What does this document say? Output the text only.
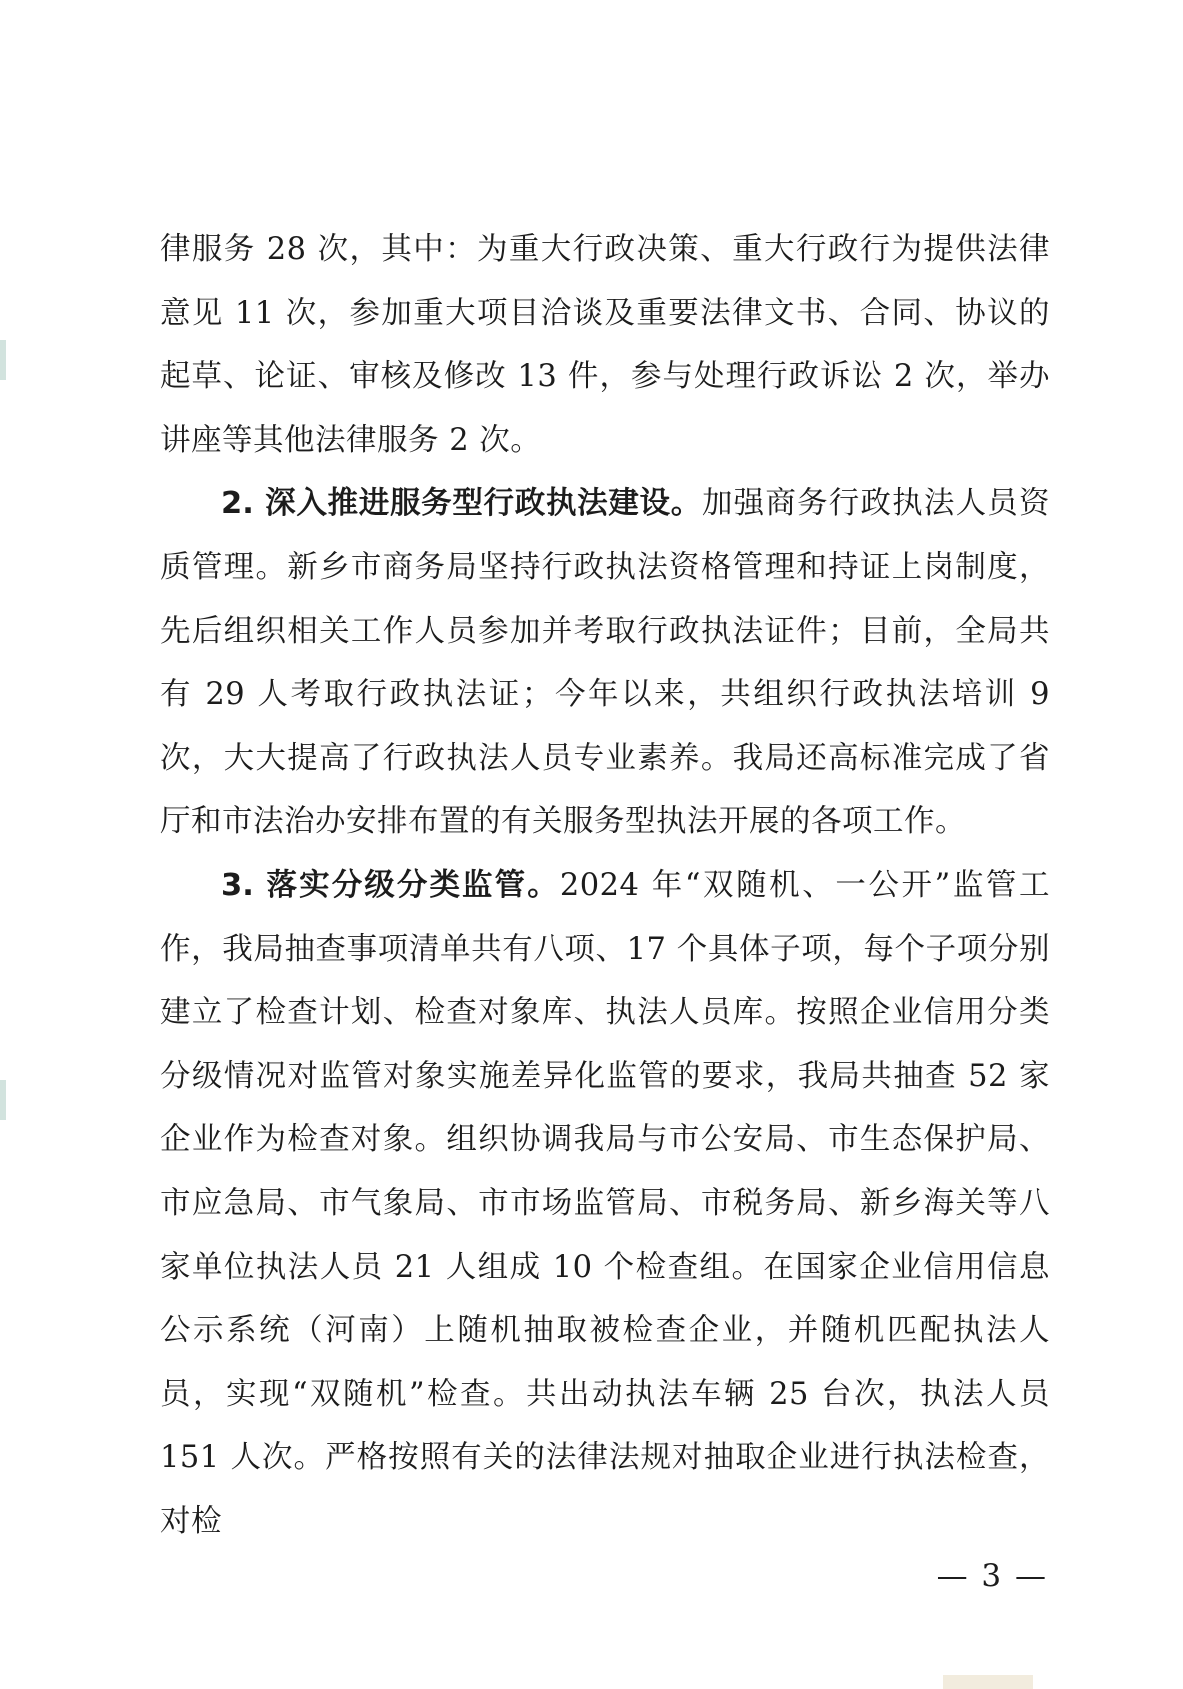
律服务 28 次，其中：为重大行政决策、重大行政行为提供法律意见 11 次，参加重大项目洽谈及重要法律文书、合同、协议的起草、论证、审核及修改 13 件，参与处理行政诉讼 2 次，举办讲座等其他法律服务 2 次。

2. 深入推进服务型行政执法建设。加强商务行政执法人员资质管理。新乡市商务局坚持行政执法资格管理和持证上岗制度，先后组织相关工作人员参加并考取行政执法证件；目前，全局共有 29 人考取行政执法证；今年以来，共组织行政执法培训 9 次，大大提高了行政执法人员专业素养。我局还高标准完成了省厅和市法治办安排布置的有关服务型执法开展的各项工作。

3. 落实分级分类监管。2024 年“双随机、一公开”监管工作，我局抽查事项清单共有八项、17 个具体子项，每个子项分别建立了检查计划、检查对象库、执法人员库。按照企业信用分类分级情况对监管对象实施差异化监管的要求，我局共抽查 52 家企业作为检查对象。组织协调我局与市公安局、市生态保护局、市应急局、市气象局、市市场监管局、市税务局、新乡海关等八家单位执法人员 21 人组成 10 个检查组。在国家企业信用信息公示系统（河南）上随机抽取被检查企业，并随机匹配执法人员，实现“双随机”检查。共出动执法车辆 25 台次，执法人员 151 人次。严格按照有关的法律法规对抽取企业进行执法检查，对检

— 3 —
